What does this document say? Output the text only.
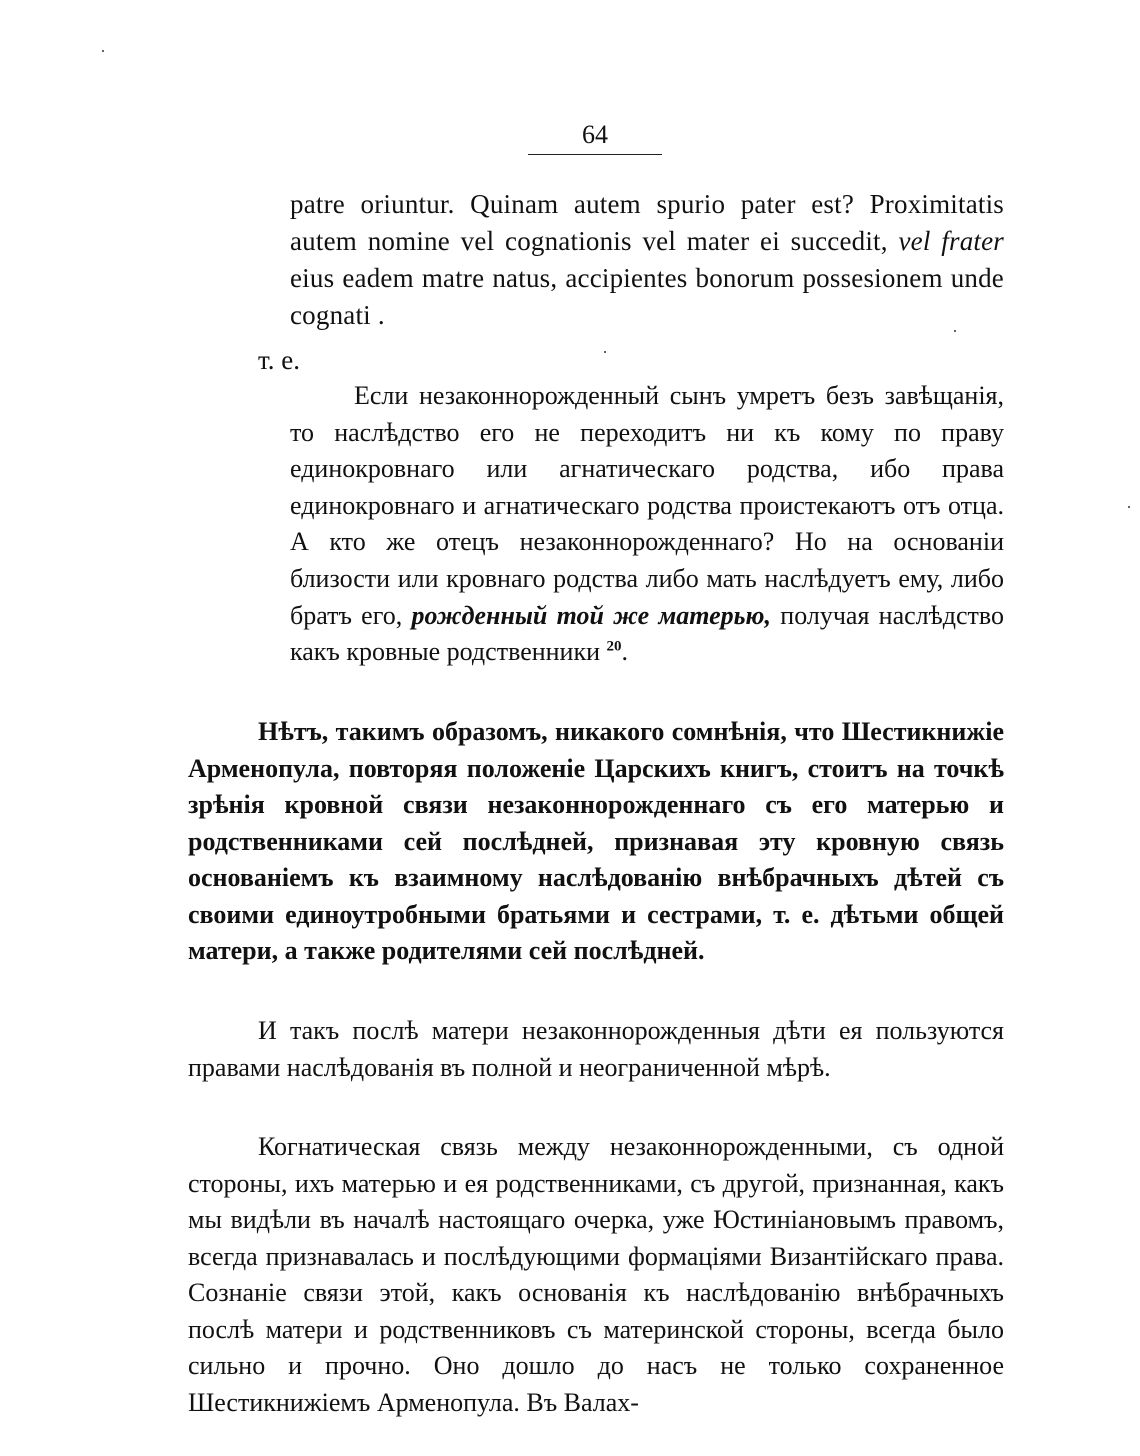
64
patre oriuntur. Quinam autem spurio pater est? Proximitatis autem nomine vel cognationis vel mater ei succedit, vel frater eius eadem matre natus, accipientes bonorum possesionem unde cognati .
т. е.
Если незаконнорожденный сынъ умретъ безъ завѣщанія, то наслѣдство его не переходитъ ни къ кому по праву единокровнаго или агнатическаго родства, ибо права единокровнаго и агнатическаго родства проистекаютъ отъ отца. А кто же отецъ незаконнорожденнаго? Но на основаніи близости или кровнаго родства либо мать наслѣдуетъ ему, либо братъ его, рожденный той же матерью, получая наслѣдство какъ кровные родственники $^{20}$.
Нѣтъ, такимъ образомъ, никакого сомнѣнія, что Шестикнижіе Арменопула, повторяя положеніе Царскихъ книгъ, стоитъ на точкѣ зрѣнія кровной связи незаконнорожденнаго съ его матерью и родственниками сей послѣдней, признавая эту кровную связь основаніемъ къ взаимному наслѣдованію внѣбрачныхъ дѣтей съ своими единоутробными братьями и сестрами, т. е. дѣтьми общей матери, а также родителями сей послѣдней.
И такъ послѣ матери незаконнорожденныя дѣти ея пользуются правами наслѣдованія въ полной и неограниченной мѣрѣ.
Когнатическая связь между незаконнорожденными, съ одной стороны, ихъ матерью и ея родственниками, съ другой, признанная, какъ мы видѣли въ началѣ настоящаго очерка, уже Юстиніановымъ правомъ, всегда признавалась и послѣдующими формаціями Византійскаго права. Сознаніе связи этой, какъ основанія къ наслѣдованію внѣбрачныхъ послѣ матери и родственниковъ съ материнской стороны, всегда было сильно и прочно. Оно дошло до насъ не только сохраненное Шестикнижіемъ Арменопула. Въ Валах-
